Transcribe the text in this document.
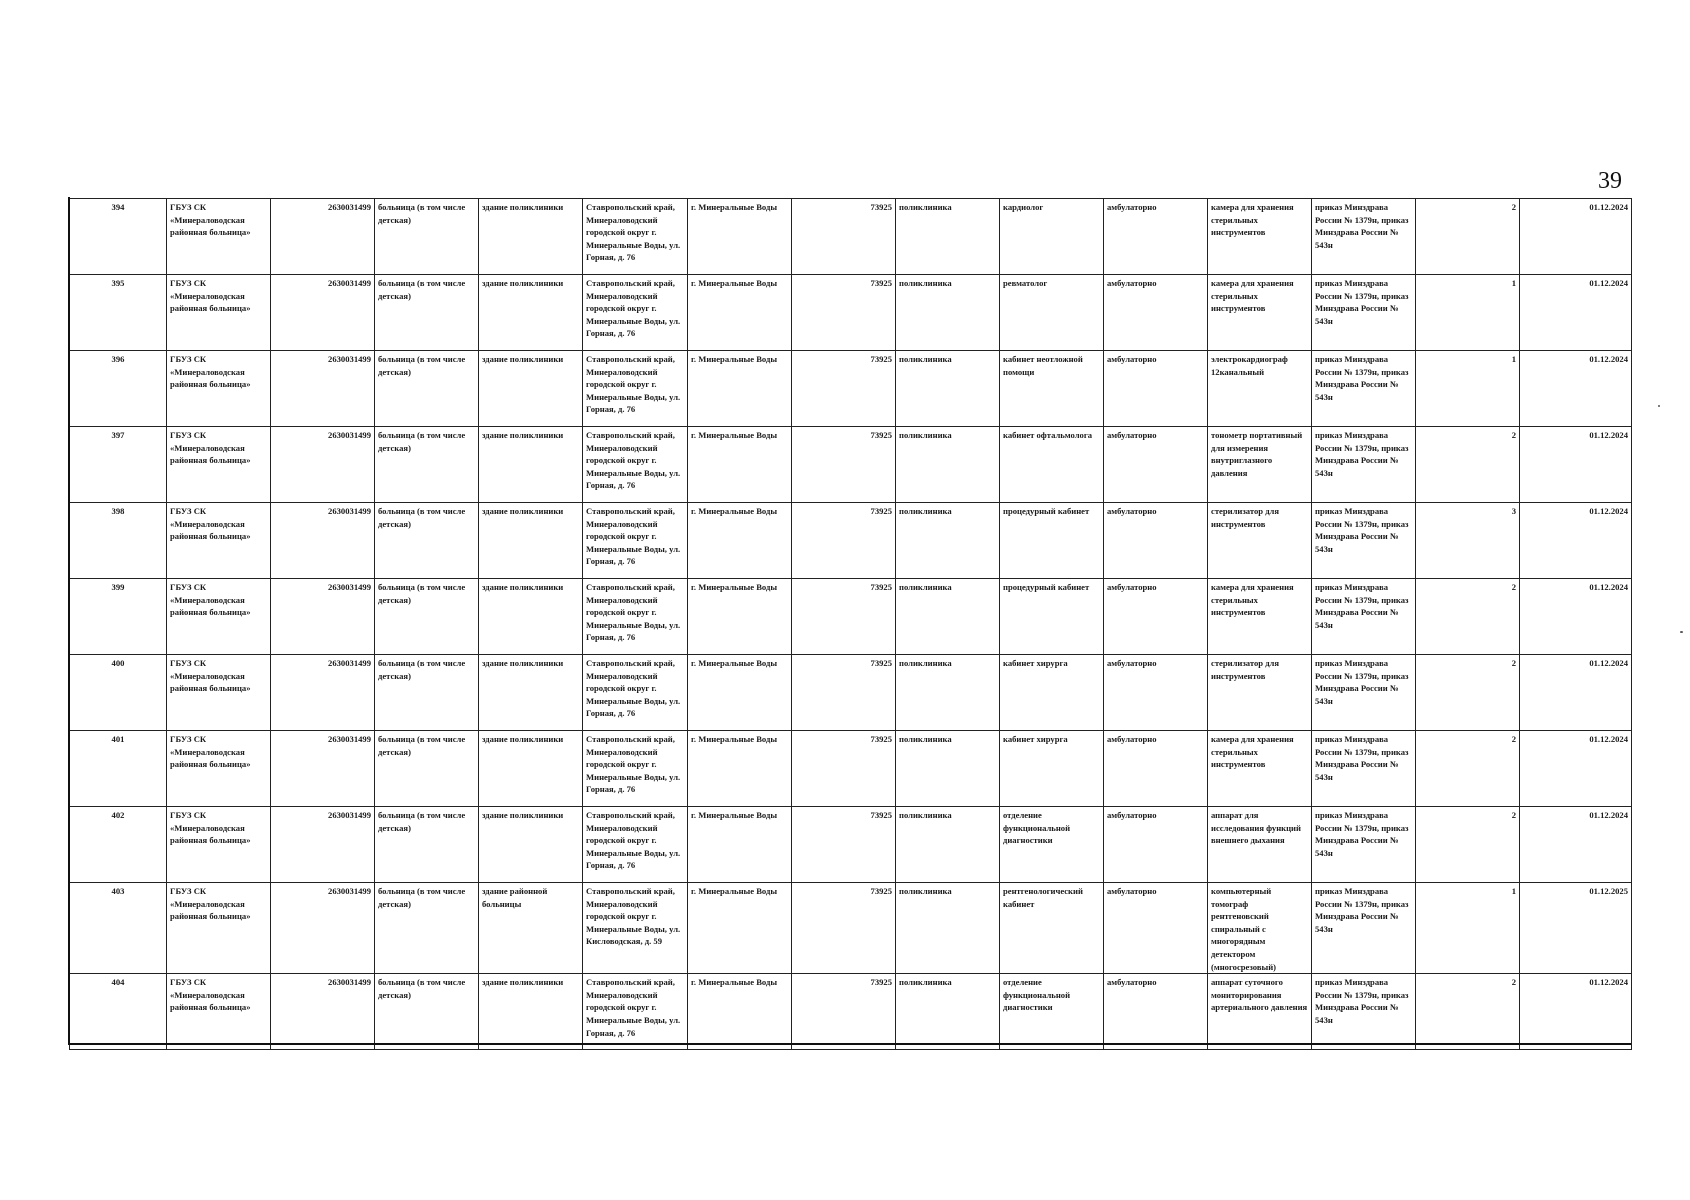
39
394	ГБУЗ СК «Минераловодская районная больница»	2630031499	больница (в том числе детская)	здание поликлиники	Ставропольский край, Минераловодский городской округ г. Минеральные Воды, ул. Горная, д. 76	г. Минеральные Воды	73925	поликлиника	кардиолог	амбулаторно	камера для хранения стерильных инструментов	приказ Минздрава России № 1379н, приказ Минздрава России № 543н	2	01.12.2024
395	ГБУЗ СК «Минераловодская районная больница»	2630031499	больница (в том числе детская)	здание поликлиники	Ставропольский край, Минераловодский городской округ г. Минеральные Воды, ул. Горная, д. 76	г. Минеральные Воды	73925	поликлиника	ревматолог	амбулаторно	камера для хранения стерильных инструментов	приказ Минздрава России № 1379н, приказ Минздрава России № 543н	1	01.12.2024
396	ГБУЗ СК «Минераловодская районная больница»	2630031499	больница (в том числе детская)	здание поликлиники	Ставропольский край, Минераловодский городской округ г. Минеральные Воды, ул. Горная, д. 76	г. Минеральные Воды	73925	поликлиника	кабинет неотложной помощи	амбулаторно	электрокардиограф 12канальный	приказ Минздрава России № 1379н, приказ Минздрава России № 543н	1	01.12.2024
397	ГБУЗ СК «Минераловодская районная больница»	2630031499	больница (в том числе детская)	здание поликлиники	Ставропольский край, Минераловодский городской округ г. Минеральные Воды, ул. Горная, д. 76	г. Минеральные Воды	73925	поликлиника	кабинет офтальмолога	амбулаторно	тонометр портативный для измерения внутриглазного давления	приказ Минздрава России № 1379н, приказ Минздрава России № 543н	2	01.12.2024
398	ГБУЗ СК «Минераловодская районная больница»	2630031499	больница (в том числе детская)	здание поликлиники	Ставропольский край, Минераловодский городской округ г. Минеральные Воды, ул. Горная, д. 76	г. Минеральные Воды	73925	поликлиника	процедурный кабинет	амбулаторно	стерилизатор для инструментов	приказ Минздрава России № 1379н, приказ Минздрава России № 543н	3	01.12.2024
399	ГБУЗ СК «Минераловодская районная больница»	2630031499	больница (в том числе детская)	здание поликлиники	Ставропольский край, Минераловодский городской округ г. Минеральные Воды, ул. Горная, д. 76	г. Минеральные Воды	73925	поликлиника	процедурный кабинет	амбулаторно	камера для хранения стерильных инструментов	приказ Минздрава России № 1379н, приказ Минздрава России № 543н	2	01.12.2024
400	ГБУЗ СК «Минераловодская районная больница»	2630031499	больница (в том числе детская)	здание поликлиники	Ставропольский край, Минераловодский городской округ г. Минеральные Воды, ул. Горная, д. 76	г. Минеральные Воды	73925	поликлиника	кабинет хирурга	амбулаторно	стерилизатор для инструментов	приказ Минздрава России № 1379н, приказ Минздрава России № 543н	2	01.12.2024
401	ГБУЗ СК «Минераловодская районная больница»	2630031499	больница (в том числе детская)	здание поликлиники	Ставропольский край, Минераловодский городской округ г. Минеральные Воды, ул. Горная, д. 76	г. Минеральные Воды	73925	поликлиника	кабинет хирурга	амбулаторно	камера для хранения стерильных инструментов	приказ Минздрава России № 1379н, приказ Минздрава России № 543н	2	01.12.2024
402	ГБУЗ СК «Минераловодская районная больница»	2630031499	больница (в том числе детская)	здание поликлиники	Ставропольский край, Минераловодский городской округ г. Минеральные Воды, ул. Горная, д. 76	г. Минеральные Воды	73925	поликлиника	отделение функциональной диагностики	амбулаторно	аппарат для исследования функций внешнего дыхания	приказ Минздрава России № 1379н, приказ Минздрава России № 543н	2	01.12.2024
403	ГБУЗ СК «Минераловодская районная больница»	2630031499	больница (в том числе детская)	здание районной больницы	Ставропольский край, Минераловодский городской округ г. Минеральные Воды, ул. Кисловодская, д. 59	г. Минеральные Воды	73925	поликлиника	рентгенологический кабинет	амбулаторно	компьютерный томограф рентгеновский спиральный с многорядным детектором (многосрезовый)	приказ Минздрава России № 1379н, приказ Минздрава России № 543н	1	01.12.2025
404	ГБУЗ СК «Минераловодская районная больница»	2630031499	больница (в том числе детская)	здание поликлиники	Ставропольский край, Минераловодский городской округ г. Минеральные Воды, ул. Горная, д. 76	г. Минеральные Воды	73925	поликлиника	отделение функциональной диагностики	амбулаторно	аппарат суточного мониторирования артериального давления	приказ Минздрава России № 1379н, приказ Минздрава России № 543н	2	01.12.2024
